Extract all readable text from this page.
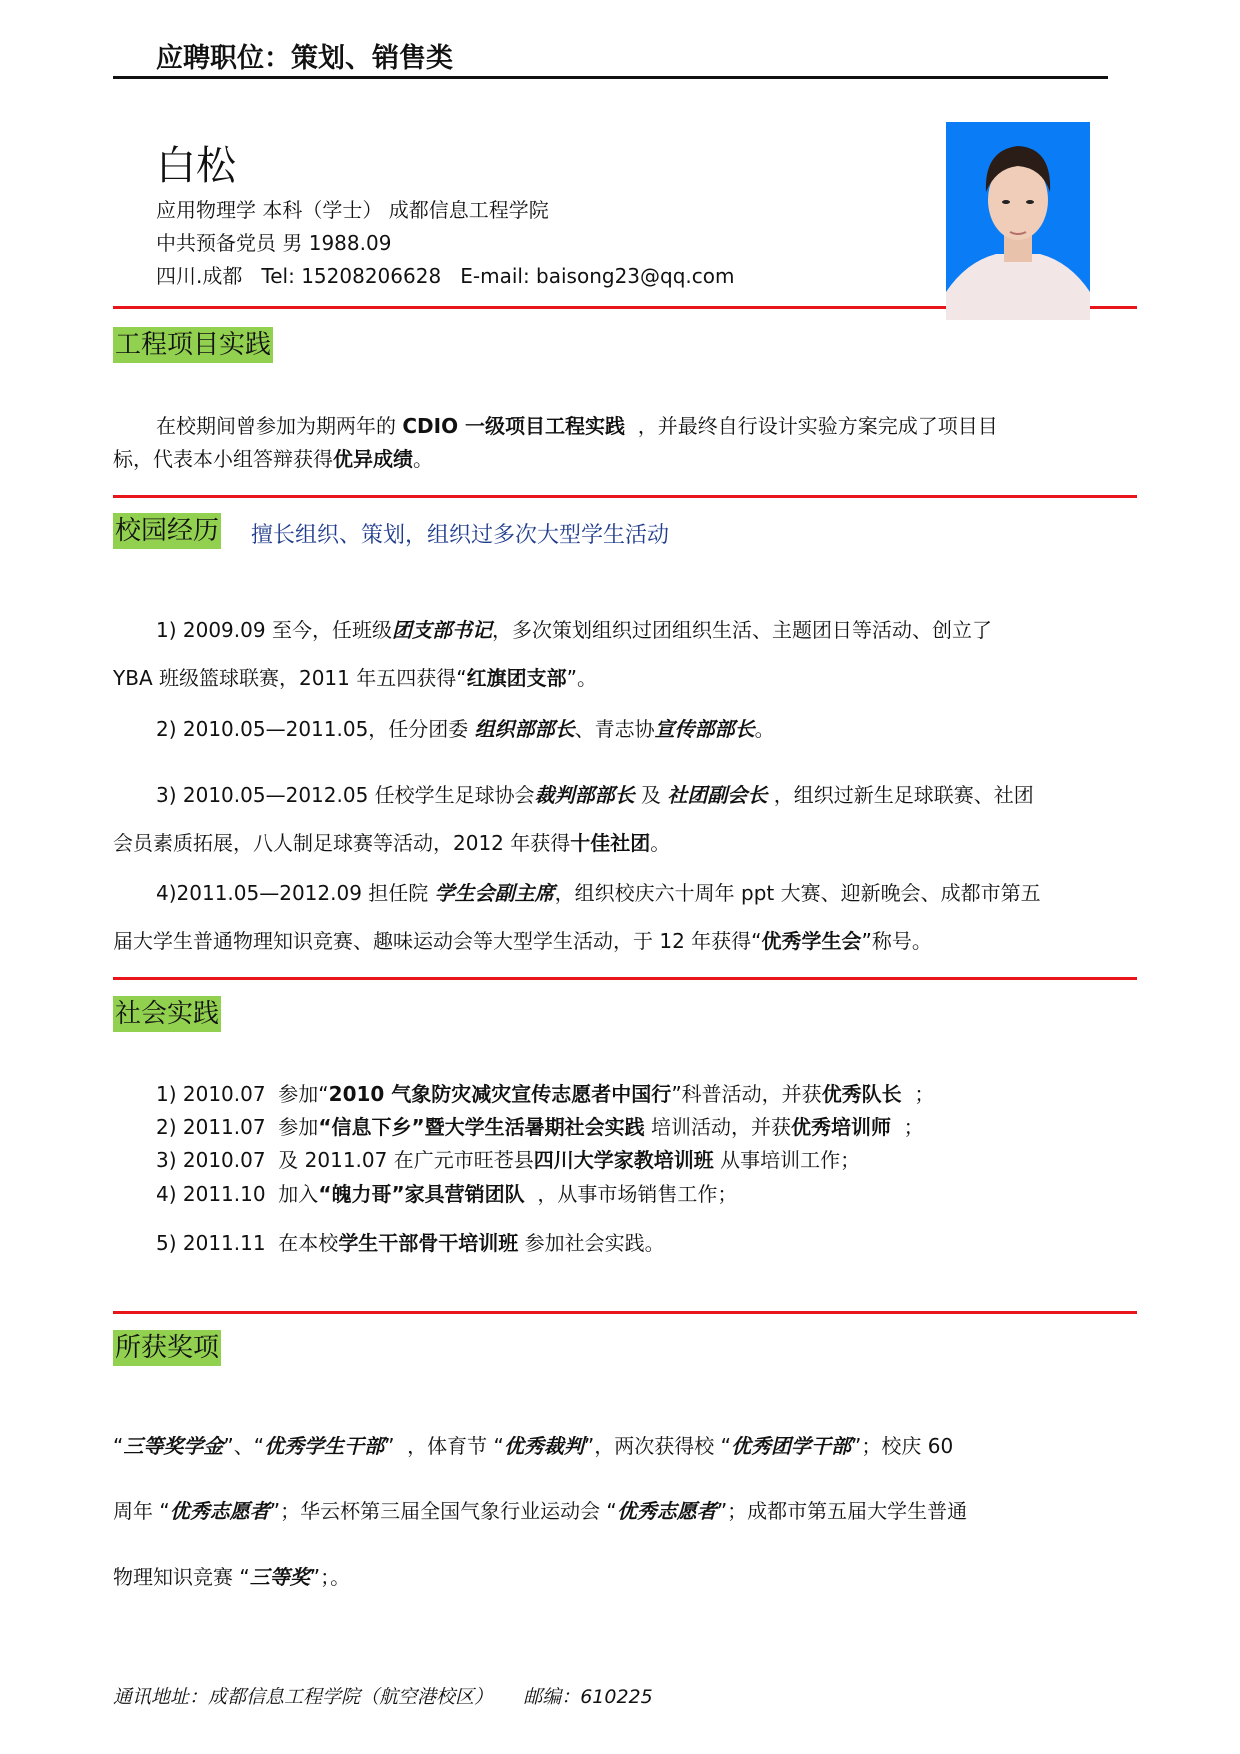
应聘职位：策划、销售类
白松
应用物理学 本科（学士） 成都信息工程学院
中共预备党员 男 1988.09
四川.成都   Tel: 15208206628   E-mail: baisong23@qq.com
工程项目实践
校园经历 擅长组织、策划，组织过多次大型学生活动
社会实践
所获奖项
在校期间曾参加为期两年的 CDIO 一级项目工程实践  ，并最终自行设计实验方案完成了项目目
标，代表本小组答辩获得优异成绩。
1) 2009.09 至今，任班级团支部书记，多次策划组织过团组织生活、主题团日等活动、创立了
YBA 班级篮球联赛，2011 年五四获得“红旗团支部”。
2) 2010.05—2011.05，任分团委 组织部部长、青志协宣传部部长。
3) 2010.05—2012.05 任校学生足球协会裁判部部长 及 社团副会长 ，组织过新生足球联赛、社团
会员素质拓展，八人制足球赛等活动，2012 年获得十佳社团。
4)2011.05—2012.09 担任院 学生会副主席，组织校庆六十周年 ppt 大赛、迎新晚会、成都市第五
届大学生普通物理知识竞赛、趣味运动会等大型学生活动，于 12 年获得“优秀学生会”称号。
1) 2010.07  参加“2010 气象防灾减灾宣传志愿者中国行”科普活动，并获优秀队长  ；
2) 2011.07  参加“信息下乡”暨大学生活暑期社会实践 培训活动，并获优秀培训师  ；
3) 2010.07  及 2011.07 在广元市旺苍县四川大学家教培训班 从事培训工作；
4) 2011.10  加入“魄力哥”家具营销团队  ，从事市场销售工作；
5) 2011.11  在本校学生干部骨干培训班 参加社会实践。
“三等奖学金”、“优秀学生干部”  ，体育节 “优秀裁判”，两次获得校 “优秀团学干部”；校庆 60
周年 “优秀志愿者”；华云杯第三届全国气象行业运动会 “优秀志愿者”；成都市第五届大学生普通
物理知识竞赛 “三等奖”；。
通讯地址：成都信息工程学院（航空港校区）     邮编：610225
